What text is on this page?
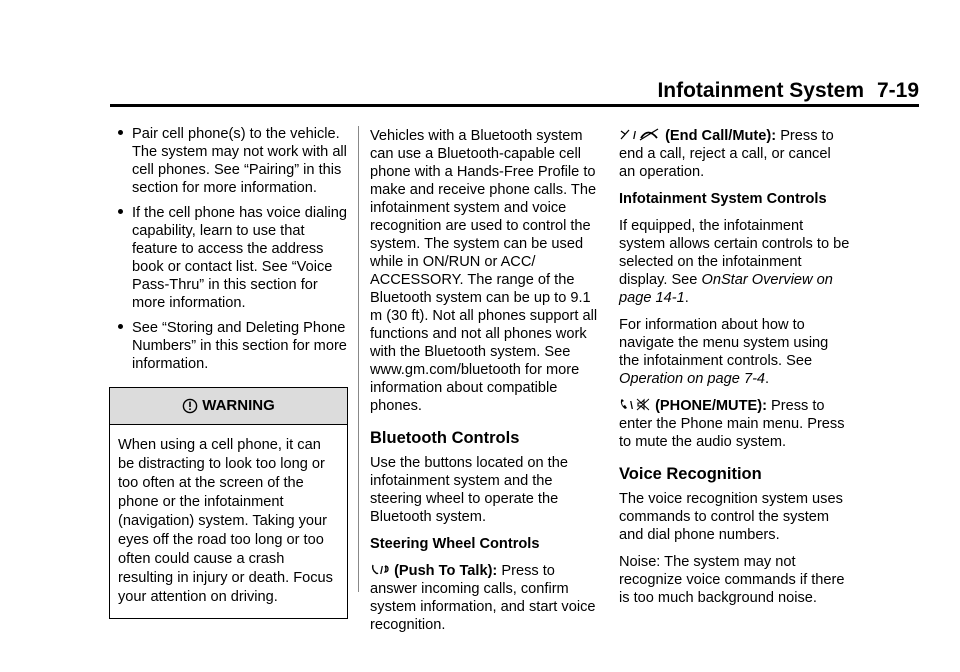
Infotainment System 7-19
Pair cell phone(s) to the vehicle. The system may not work with all cell phones. See “Pairing” in this section for more information.
If the cell phone has voice dialing capability, learn to use that feature to access the address book or contact list. See “Voice Pass-Thru” in this section for more information.
See “Storing and Deleting Phone Numbers” in this section for more information.
WARNING
When using a cell phone, it can be distracting to look too long or too often at the screen of the phone or the infotainment (navigation) system. Taking your eyes off the road too long or too often could cause a crash resulting in injury or death. Focus your attention on driving.

Vehicles with a Bluetooth system can use a Bluetooth-capable cell phone with a Hands-Free Profile to make and receive phone calls. The infotainment system and voice recognition are used to control the system. The system can be used while in ON/RUN or ACC/ ACCESSORY. The range of the Bluetooth system can be up to 9.1 m (30 ft). Not all phones support all functions and not all phones work with the Bluetooth system. See www.gm.com/bluetooth for more information about compatible phones.

Bluetooth Controls

Use the buttons located on the infotainment system and the steering wheel to operate the Bluetooth system.

Steering Wheel Controls

/ (Push To Talk): Press to answer incoming calls, confirm system information, and start voice recognition.

/ (End Call/Mute): Press to end a call, reject a call, or cancel an operation.

Infotainment System Controls

If equipped, the infotainment system allows certain controls to be selected on the infotainment display. See OnStar Overview on page 14-1.

For information about how to navigate the menu system using the infotainment controls. See Operation on page 7-4.

\ (PHONE/MUTE): Press to enter the Phone main menu. Press to mute the audio system.

Voice Recognition

The voice recognition system uses commands to control the system and dial phone numbers.

Noise: The system may not recognize voice commands if there is too much background noise.
